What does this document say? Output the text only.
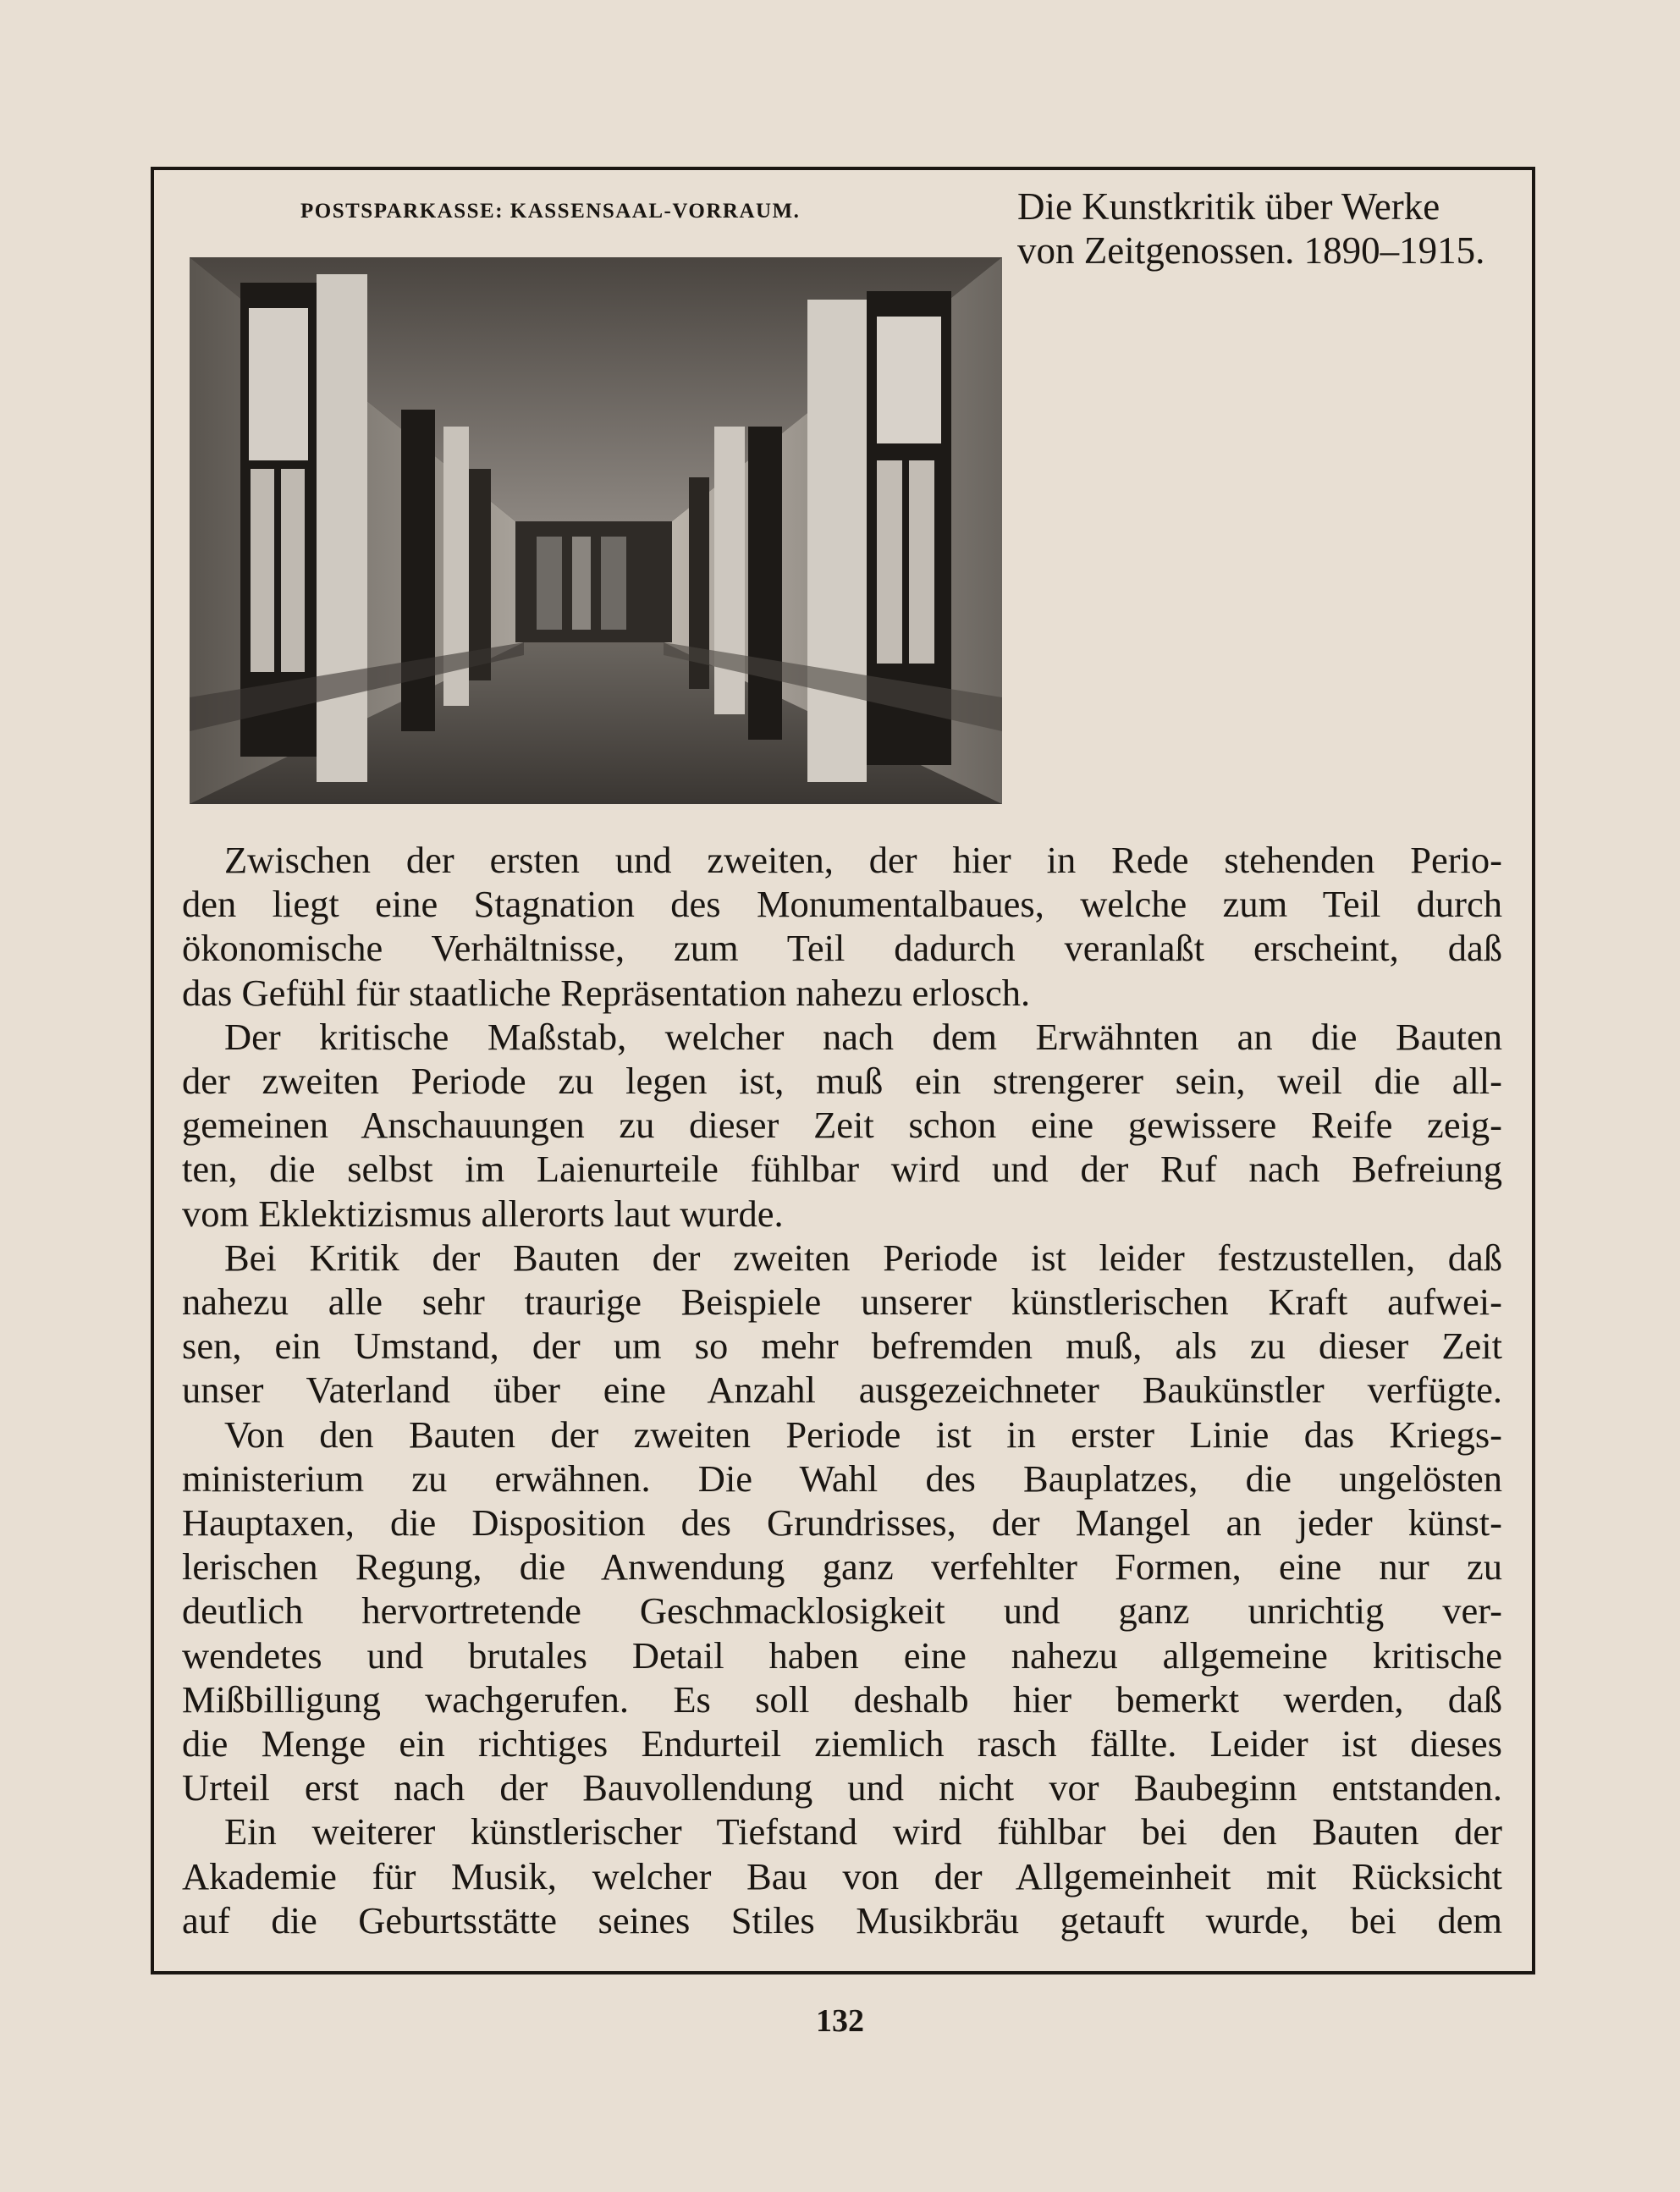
POSTSPARKASSE: KASSENSAAL-VORRAUM.	Die Kunstkritik über Werke
von Zeitgenossen. 1890–1915.

Zwischen der ersten und zweiten, der hier in Rede stehenden Perio-
den liegt eine Stagnation des Monumentalbaues, welche zum Teil durch
ökonomische Verhältnisse, zum Teil dadurch veranlaßt erscheint, daß
das Gefühl für staatliche Repräsentation nahezu erlosch.

Der kritische Maßstab, welcher nach dem Erwähnten an die Bauten
der zweiten Periode zu legen ist, muß ein strengerer sein, weil die all-
gemeinen Anschauungen zu dieser Zeit schon eine gewissere Reife zeig-
ten, die selbst im Laienurteile fühlbar wird und der Ruf nach Befreiung
vom Eklektizismus allerorts laut wurde.

Bei Kritik der Bauten der zweiten Periode ist leider festzustellen, daß
nahezu alle sehr traurige Beispiele unserer künstlerischen Kraft aufwei-
sen, ein Umstand, der um so mehr befremden muß, als zu dieser Zeit
unser Vaterland über eine Anzahl ausgezeichneter Baukünstler verfügte.

Von den Bauten der zweiten Periode ist in erster Linie das Kriegs-
ministerium zu erwähnen. Die Wahl des Bauplatzes, die ungelösten
Hauptaxen, die Disposition des Grundrisses, der Mangel an jeder künst-
lerischen Regung, die Anwendung ganz verfehlter Formen, eine nur zu
deutlich hervortretende Geschmacklosigkeit und ganz unrichtig ver-
wendetes und brutales Detail haben eine nahezu allgemeine kritische
Mißbilligung wachgerufen. Es soll deshalb hier bemerkt werden, daß
die Menge ein richtiges Endurteil ziemlich rasch fällte. Leider ist dieses
Urteil erst nach der Bauvollendung und nicht vor Baubeginn entstanden.

Ein weiterer künstlerischer Tiefstand wird fühlbar bei den Bauten der
Akademie für Musik, welcher Bau von der Allgemeinheit mit Rücksicht
auf die Geburtsstätte seines Stiles Musikbräu getauft wurde, bei dem

132
